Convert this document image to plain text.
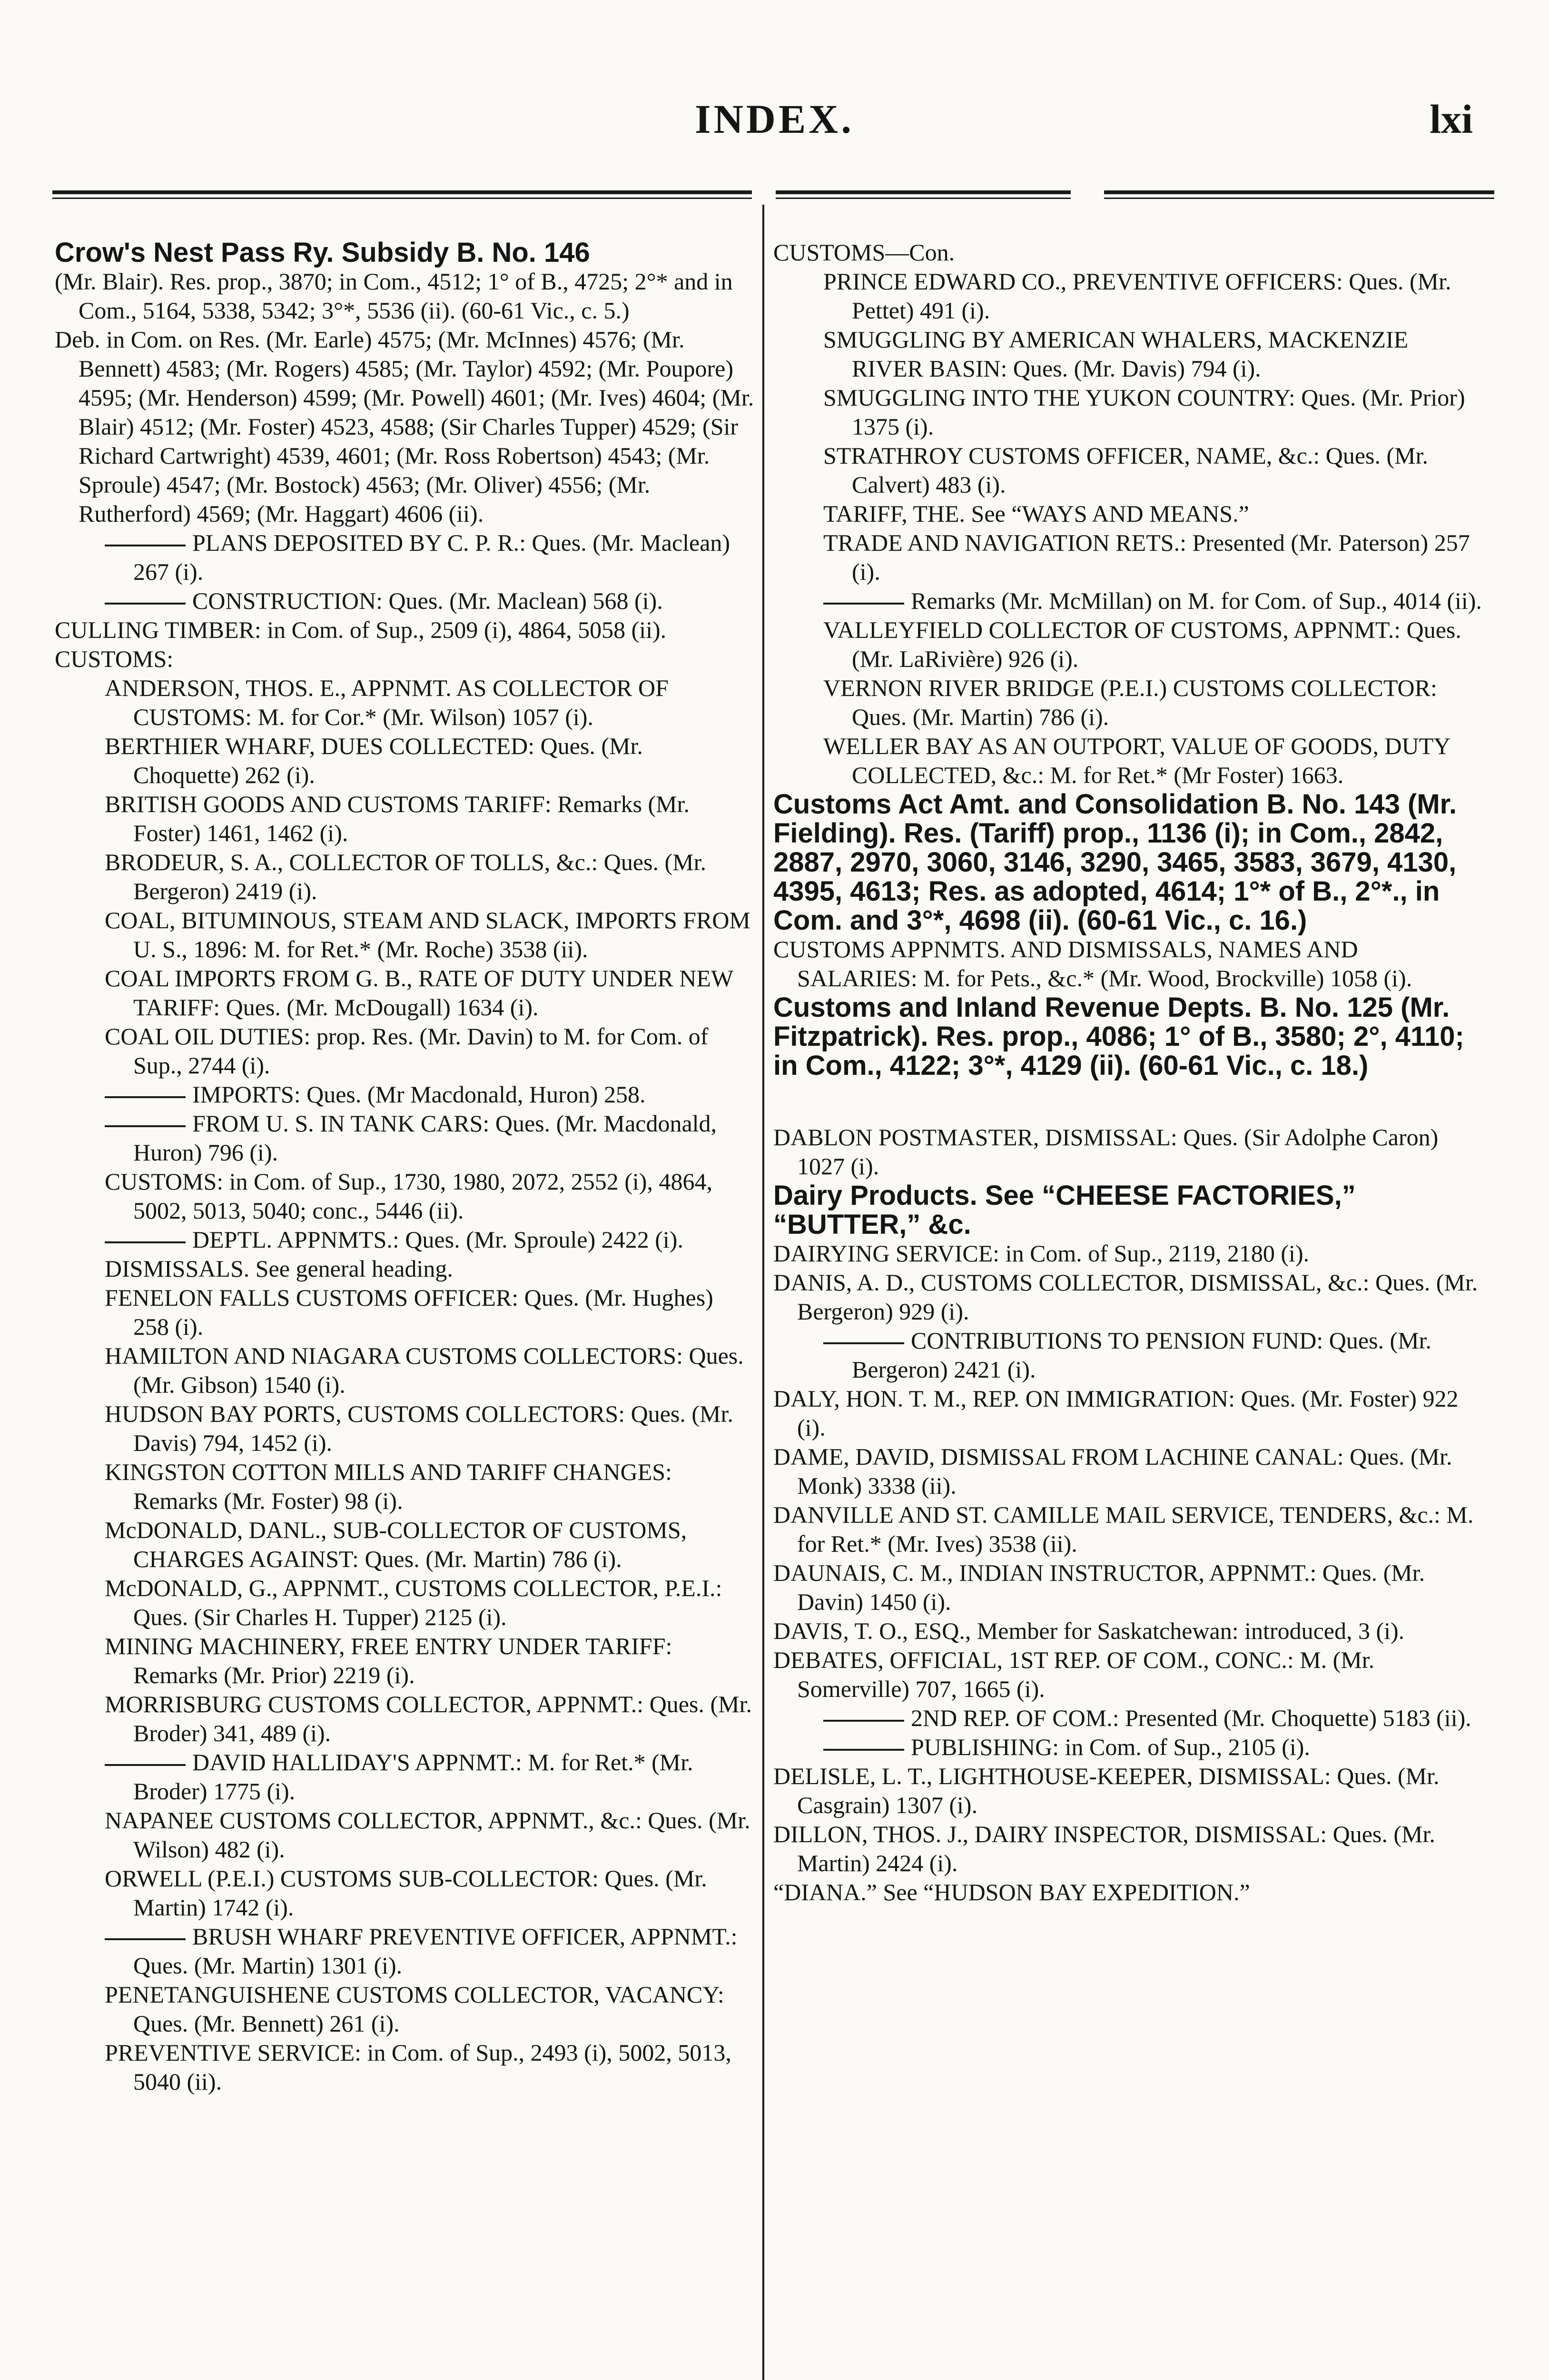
INDEX.	lxi

Crow's Nest Pass Ry. Subsidy B. No. 146

(Mr. Blair). Res. prop., 3870; in Com., 4512; 1° of B., 4725; 2°* and in Com., 5164, 5338, 5342; 3°*, 5536 (ii). (60-61 Vic., c. 5.)

Deb. in Com. on Res. (Mr. Earle) 4575; (Mr. McInnes) 4576; (Mr. Bennett) 4583; (Mr. Rogers) 4585; (Mr. Taylor) 4592; (Mr. Poupore) 4595; (Mr. Henderson) 4599; (Mr. Powell) 4601; (Mr. Ives) 4604; (Mr. Blair) 4512; (Mr. Foster) 4523, 4588; (Sir Charles Tupper) 4529; (Sir Richard Cartwright) 4539, 4601; (Mr. Ross Robertson) 4543; (Mr. Sproule) 4547; (Mr. Bostock) 4563; (Mr. Oliver) 4556; (Mr. Rutherford) 4569; (Mr. Haggart) 4606 (ii).

PLANS DEPOSITED BY C. P. R.: Ques. (Mr. Maclean) 267 (i).

CONSTRUCTION: Ques. (Mr. Maclean) 568 (i).

CULLING TIMBER: in Com. of Sup., 2509 (i), 4864, 5058 (ii).

CUSTOMS:

ANDERSON, THOS. E., APPNMT. AS COLLECTOR OF CUSTOMS: M. for Cor.* (Mr. Wilson) 1057 (i).

BERTHIER WHARF, DUES COLLECTED: Ques. (Mr. Choquette) 262 (i).

BRITISH GOODS AND CUSTOMS TARIFF: Remarks (Mr. Foster) 1461, 1462 (i).

BRODEUR, S. A., COLLECTOR OF TOLLS, &c.: Ques. (Mr. Bergeron) 2419 (i).

COAL, BITUMINOUS, STEAM AND SLACK, IMPORTS FROM U. S., 1896: M. for Ret.* (Mr. Roche) 3538 (ii).

COAL IMPORTS FROM G. B., RATE OF DUTY UNDER NEW TARIFF: Ques. (Mr. McDougall) 1634 (i).

COAL OIL DUTIES: prop. Res. (Mr. Davin) to M. for Com. of Sup., 2744 (i).

IMPORTS: Ques. (Mr Macdonald, Huron) 258.

FROM U. S. IN TANK CARS: Ques. (Mr. Macdonald, Huron) 796 (i).

CUSTOMS: in Com. of Sup., 1730, 1980, 2072, 2552 (i), 4864, 5002, 5013, 5040; conc., 5446 (ii).

DEPTL. APPNMTS.: Ques. (Mr. Sproule) 2422 (i).

DISMISSALS. See general heading.

FENELON FALLS CUSTOMS OFFICER: Ques. (Mr. Hughes) 258 (i).

HAMILTON AND NIAGARA CUSTOMS COLLECTORS: Ques. (Mr. Gibson) 1540 (i).

HUDSON BAY PORTS, CUSTOMS COLLECTORS: Ques. (Mr. Davis) 794, 1452 (i).

KINGSTON COTTON MILLS AND TARIFF CHANGES: Remarks (Mr. Foster) 98 (i).

McDONALD, DANL., SUB-COLLECTOR OF CUSTOMS, CHARGES AGAINST: Ques. (Mr. Martin) 786 (i).

McDONALD, G., APPNMT., CUSTOMS COLLECTOR, P.E.I.: Ques. (Sir Charles H. Tupper) 2125 (i).

MINING MACHINERY, FREE ENTRY UNDER TARIFF: Remarks (Mr. Prior) 2219 (i).

MORRISBURG CUSTOMS COLLECTOR, APPNMT.: Ques. (Mr. Broder) 341, 489 (i).

DAVID HALLIDAY'S APPNMT.: M. for Ret.* (Mr. Broder) 1775 (i).

NAPANEE CUSTOMS COLLECTOR, APPNMT., &c.: Ques. (Mr. Wilson) 482 (i).

ORWELL (P.E.I.) CUSTOMS SUB-COLLECTOR: Ques. (Mr. Martin) 1742 (i).

BRUSH WHARF PREVENTIVE OFFICER, APPNMT.: Ques. (Mr. Martin) 1301 (i).

PENETANGUISHENE CUSTOMS COLLECTOR, VACANCY: Ques. (Mr. Bennett) 261 (i).

PREVENTIVE SERVICE: in Com. of Sup., 2493 (i), 5002, 5013, 5040 (ii).

CUSTOMS—Con.

PRINCE EDWARD CO., PREVENTIVE OFFICERS: Ques. (Mr. Pettet) 491 (i).

SMUGGLING BY AMERICAN WHALERS, MACKENZIE RIVER BASIN: Ques. (Mr. Davis) 794 (i).

SMUGGLING INTO THE YUKON COUNTRY: Ques. (Mr. Prior) 1375 (i).

STRATHROY CUSTOMS OFFICER, NAME, &c.: Ques. (Mr. Calvert) 483 (i).

TARIFF, THE. See “WAYS AND MEANS.”

TRADE AND NAVIGATION RETS.: Presented (Mr. Paterson) 257 (i).

Remarks (Mr. McMillan) on M. for Com. of Sup., 4014 (ii).

VALLEYFIELD COLLECTOR OF CUSTOMS, APPNMT.: Ques. (Mr. LaRivière) 926 (i).

VERNON RIVER BRIDGE (P.E.I.) CUSTOMS COLLECTOR: Ques. (Mr. Martin) 786 (i).

WELLER BAY AS AN OUTPORT, VALUE OF GOODS, DUTY COLLECTED, &c.: M. for Ret.* (Mr Foster) 1663.

Customs Act Amt. and Consolidation B. No. 143 (Mr. Fielding). Res. (Tariff) prop., 1136 (i); in Com., 2842, 2887, 2970, 3060, 3146, 3290, 3465, 3583, 3679, 4130, 4395, 4613; Res. as adopted, 4614; 1°* of B., 2°*., in Com. and 3°*, 4698 (ii). (60-61 Vic., c. 16.)

CUSTOMS APPNMTS. AND DISMISSALS, NAMES AND SALARIES: M. for Pets., &c.* (Mr. Wood, Brockville) 1058 (i).

Customs and Inland Revenue Depts. B. No. 125 (Mr. Fitzpatrick). Res. prop., 4086; 1° of B., 3580; 2°, 4110; in Com., 4122; 3°*, 4129 (ii). (60-61 Vic., c. 18.)

DABLON POSTMASTER, DISMISSAL: Ques. (Sir Adolphe Caron) 1027 (i).

Dairy Products. See “CHEESE FACTORIES,” “BUTTER,” &c.

DAIRYING SERVICE: in Com. of Sup., 2119, 2180 (i).

DANIS, A. D., CUSTOMS COLLECTOR, DISMISSAL, &c.: Ques. (Mr. Bergeron) 929 (i).

CONTRIBUTIONS TO PENSION FUND: Ques. (Mr. Bergeron) 2421 (i).

DALY, HON. T. M., REP. ON IMMIGRATION: Ques. (Mr. Foster) 922 (i).

DAME, DAVID, DISMISSAL FROM LACHINE CANAL: Ques. (Mr. Monk) 3338 (ii).

DANVILLE AND ST. CAMILLE MAIL SERVICE, TENDERS, &c.: M. for Ret.* (Mr. Ives) 3538 (ii).

DAUNAIS, C. M., INDIAN INSTRUCTOR, APPNMT.: Ques. (Mr. Davin) 1450 (i).

DAVIS, T. O., ESQ., Member for Saskatchewan: introduced, 3 (i).

DEBATES, OFFICIAL, 1ST REP. OF COM., CONC.: M. (Mr. Somerville) 707, 1665 (i).

2ND REP. OF COM.: Presented (Mr. Choquette) 5183 (ii).

PUBLISHING: in Com. of Sup., 2105 (i).

DELISLE, L. T., LIGHTHOUSE-KEEPER, DISMISSAL: Ques. (Mr. Casgrain) 1307 (i).

DILLON, THOS. J., DAIRY INSPECTOR, DISMISSAL: Ques. (Mr. Martin) 2424 (i).

“DIANA.” See “HUDSON BAY EXPEDITION.”
